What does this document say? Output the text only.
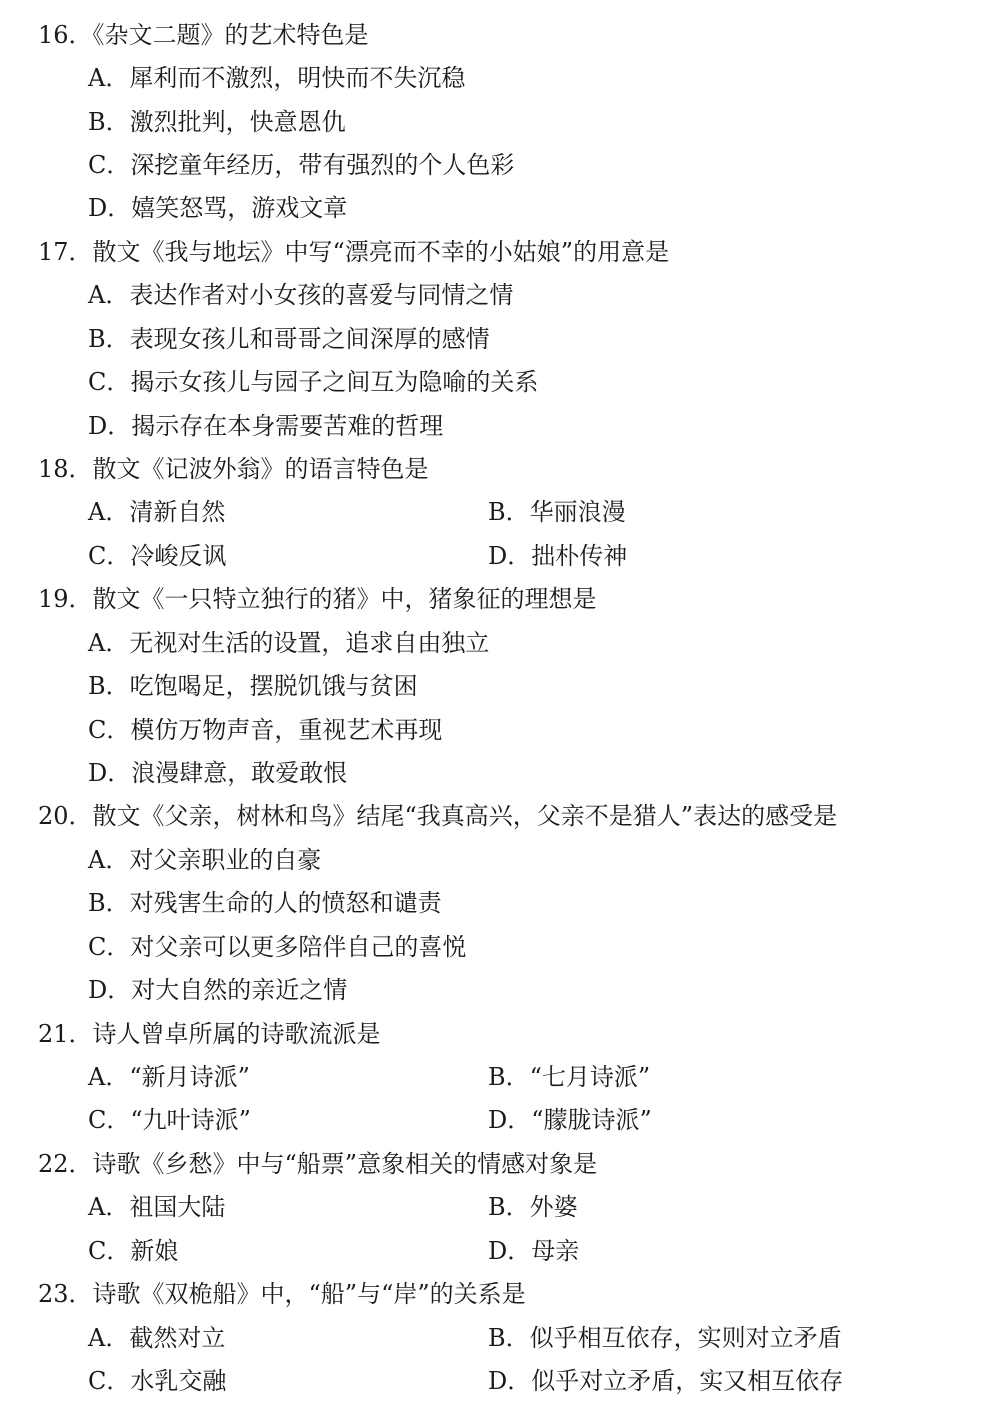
16．《杂文二题》的艺术特色是
A．犀利而不激烈，明快而不失沉稳
B．激烈批判，快意恩仇
C．深挖童年经历，带有强烈的个人色彩
D．嬉笑怒骂，游戏文章
17．散文《我与地坛》中写“漂亮而不幸的小姑娘”的用意是
A．表达作者对小女孩的喜爱与同情之情
B．表现女孩儿和哥哥之间深厚的感情
C．揭示女孩儿与园子之间互为隐喻的关系
D．揭示存在本身需要苦难的哲理
18．散文《记波外翁》的语言特色是
A．清新自然	B．华丽浪漫
C．冷峻反讽	D．拙朴传神
19．散文《一只特立独行的猪》中，猪象征的理想是
A．无视对生活的设置，追求自由独立
B．吃饱喝足，摆脱饥饿与贫困
C．模仿万物声音，重视艺术再现
D．浪漫肆意，敢爱敢恨
20．散文《父亲，树林和鸟》结尾“我真高兴，父亲不是猎人”表达的感受是
A．对父亲职业的自豪
B．对残害生命的人的愤怒和谴责
C．对父亲可以更多陪伴自己的喜悦
D．对大自然的亲近之情
21．诗人曾卓所属的诗歌流派是
A．“新月诗派”	B．“七月诗派”
C．“九叶诗派”	D．“朦胧诗派”
22．诗歌《乡愁》中与“船票”意象相关的情感对象是
A．祖国大陆	B．外婆
C．新娘	D．母亲
23．诗歌《双桅船》中，“船”与“岸”的关系是
A．截然对立	B．似乎相互依存，实则对立矛盾
C．水乳交融	D．似乎对立矛盾，实又相互依存
